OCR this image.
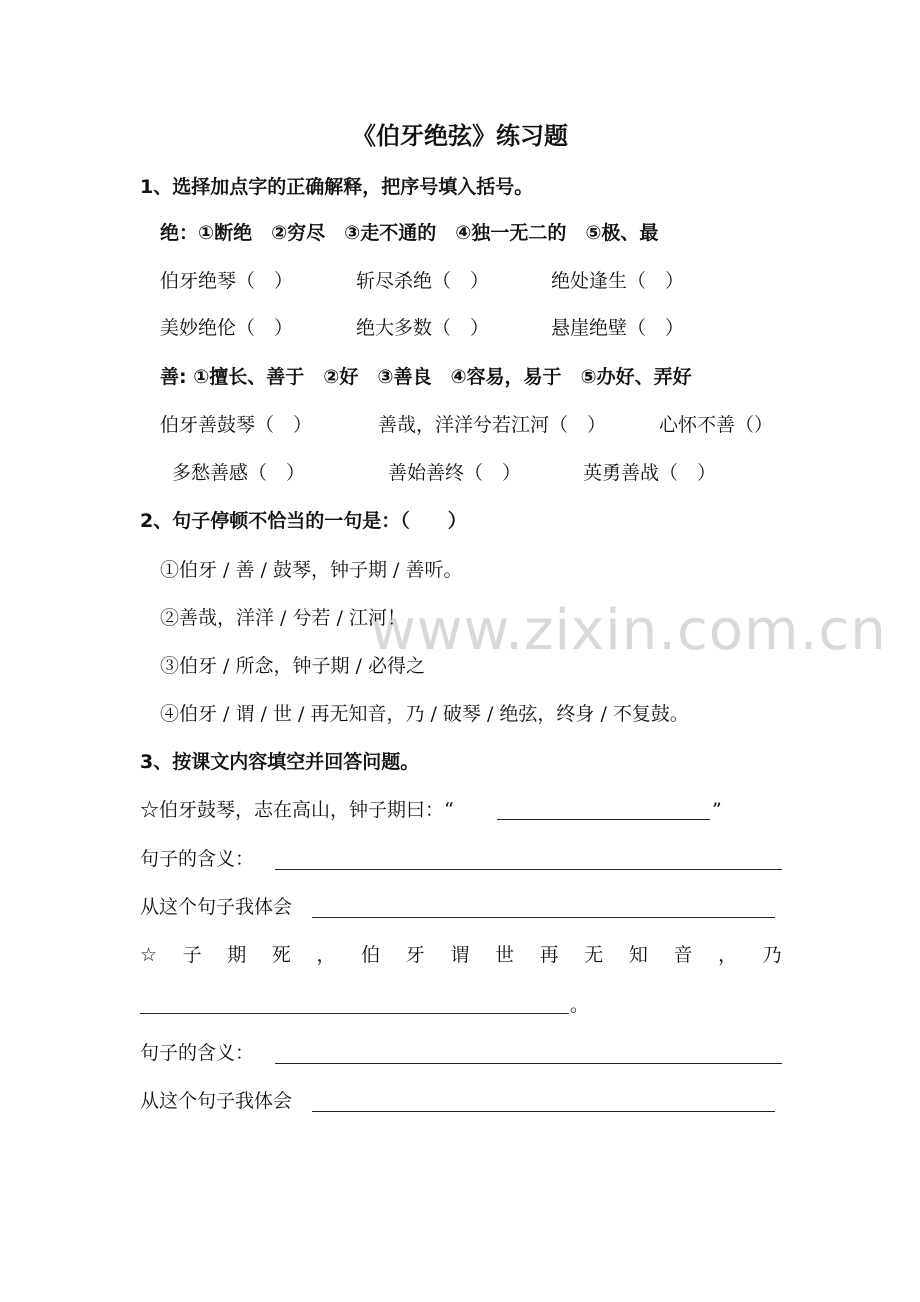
www.zixin.com.cn
《伯牙绝弦》练习题
1、选择加点字的正确解释，把序号填入括号。
绝：①断绝　②穷尽　③走不通的　④独一无二的　⑤极、最
伯牙绝琴（　）	斩尽杀绝（　）	绝处逢生（　）
美妙绝伦（　）	绝大多数（　）	悬崖绝壁（　）
善: ①擅长、善于　②好　③善良　④容易，易于　⑤办好、弄好
伯牙善鼓琴（　）	善哉，洋洋兮若江河（　）	心怀不善（）
多愁善感（　）	善始善终（　）	英勇善战（　）
2、句子停顿不恰当的一句是：（　　）
①伯牙 / 善 / 鼓琴，钟子期 / 善听。
②善哉，洋洋 / 兮若 / 江河！
③伯牙 / 所念，钟子期 / 必得之
④伯牙 / 谓 / 世 / 再无知音，乃 / 破琴 / 绝弦，终身 / 不复鼓。
3、按课文内容填空并回答问题。
☆伯牙鼓琴，志在高山，钟子期曰：“	”
句子的含义：
从这个句子我体会
☆ 子 期 死 ， 伯 牙 谓 世 再 无 知 音 ， 乃
。
句子的含义：
从这个句子我体会
